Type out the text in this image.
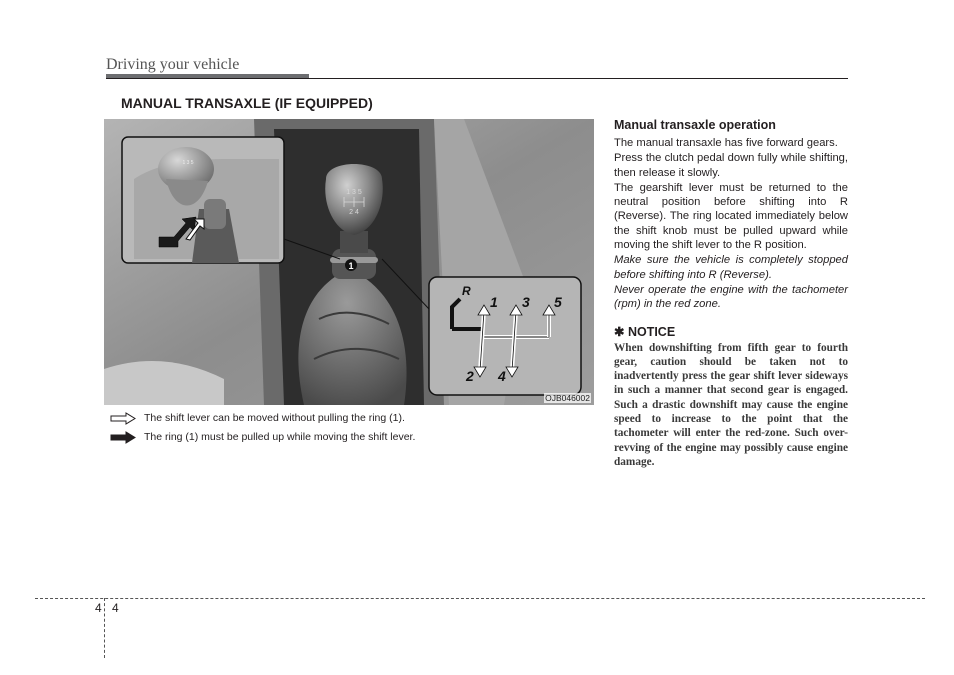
Driving your vehicle
MANUAL TRANSAXLE (IF EQUIPPED)
1 3 5
2 4
1
1 3 5
R
1 3 5
2 4
OJB046002
The shift lever can be moved without pulling the ring (1).
The ring (1) must be pulled up while moving the shift lever.
Manual transaxle operation

The manual transaxle has five forward gears.

Press the clutch pedal down fully while shifting, then release it slowly.

The gearshift lever must be returned to the neutral position before shifting into R (Reverse). The ring located immediately below the shift knob must be pulled upward while moving the shift lever to the R position.

Make sure the vehicle is completely stopped before shifting into R (Reverse).

Never operate the engine with the tachometer (rpm) in the red zone.

✱ NOTICE
When downshifting from fifth gear to fourth gear, caution should be taken not to inadvertently press the gear shift lever sideways in such a manner that second gear is engaged. Such a drastic downshift may cause the engine speed to increase to the point that the tachometer will enter the red-zone. Such over-revving of the engine may possibly cause engine damage.
4 4
